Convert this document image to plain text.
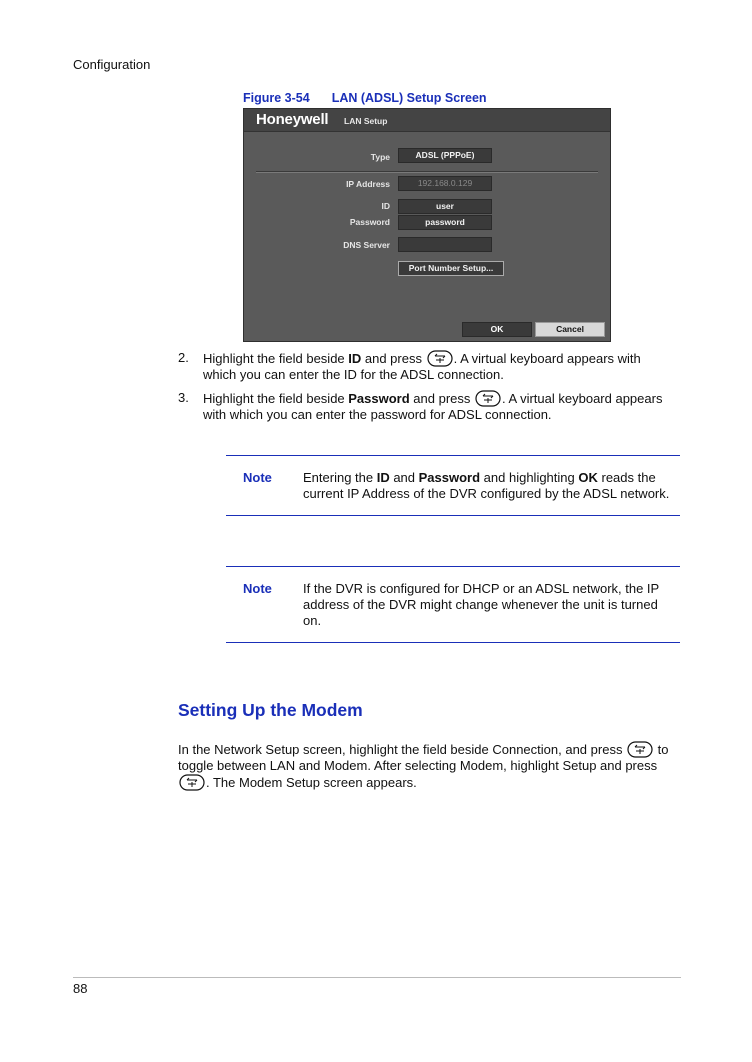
Configuration
Figure 3-54 LAN (ADSL) Setup Screen
Honeywell LAN Setup
Type	ADSL (PPPoE)
IP Address	192.168.0.129
ID	user
Password	password
DNS Server
Port Number Setup...
OK	Cancel
2. Highlight the field beside ID and press . A virtual keyboard appears with
which you can enter the ID for the ADSL connection.
3. Highlight the field beside Password and press . A virtual keyboard appears
with which you can enter the password for ADSL connection.
Note Entering the ID and Password and highlighting OK reads the current IP Address of the DVR configured by the ADSL network.
Note If the DVR is configured for DHCP or an ADSL network, the IP address of the DVR might change whenever the unit is turned on.
Setting Up the Modem
In the Network Setup screen, highlight the field beside Connection, and press  to toggle between LAN and Modem. After selecting Modem, highlight Setup and press . The Modem Setup screen appears.
88
